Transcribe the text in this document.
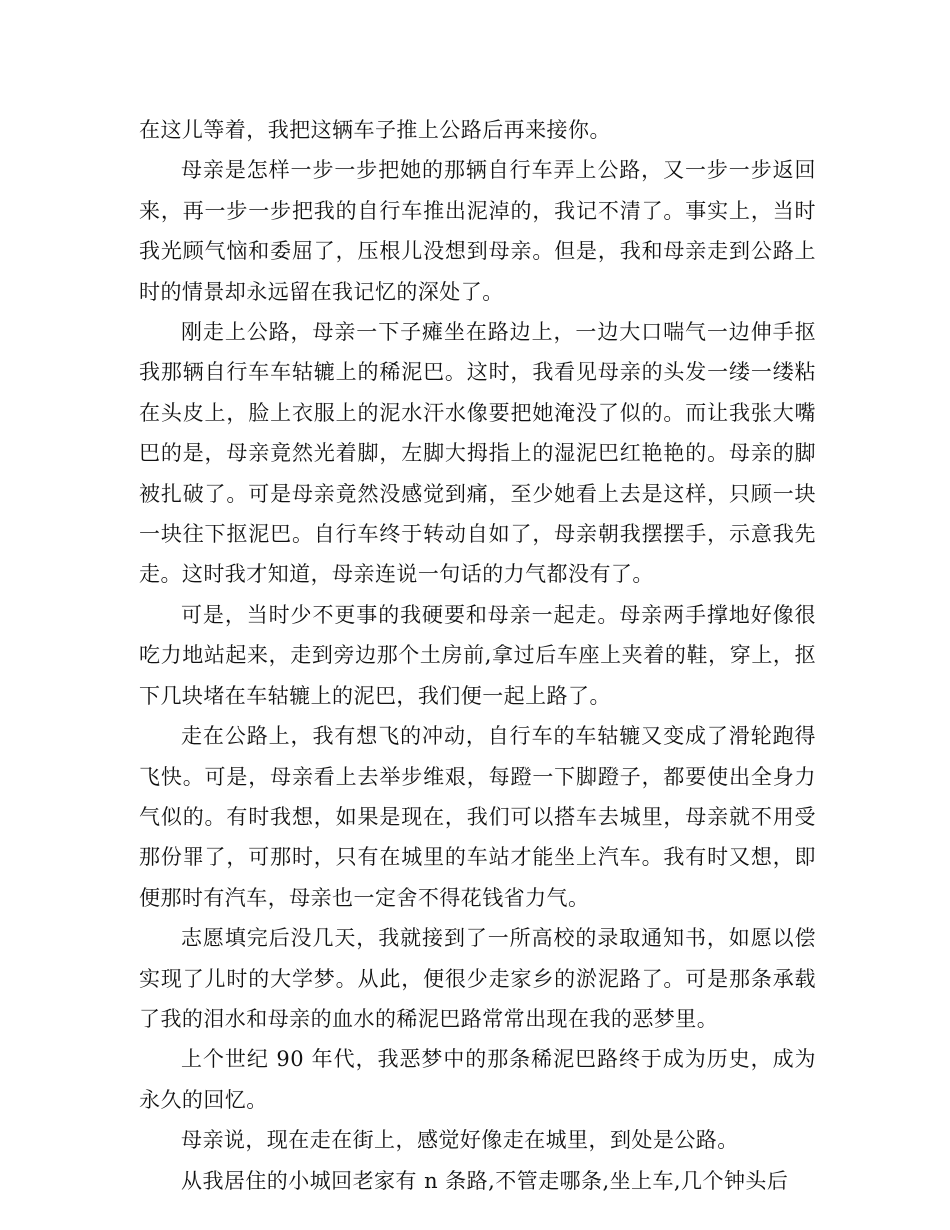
在这儿等着，我把这辆车子推上公路后再来接你。

母亲是怎样一步一步把她的那辆自行车弄上公路，又一步一步返回来，再一步一步把我的自行车推出泥淖的，我记不清了。事实上，当时我光顾气恼和委屈了，压根儿没想到母亲。但是，我和母亲走到公路上时的情景却永远留在我记忆的深处了。

刚走上公路，母亲一下子瘫坐在路边上，一边大口喘气一边伸手抠我那辆自行车车轱辘上的稀泥巴。这时，我看见母亲的头发一缕一缕粘在头皮上，脸上衣服上的泥水汗水像要把她淹没了似的。而让我张大嘴巴的是，母亲竟然光着脚，左脚大拇指上的湿泥巴红艳艳的。母亲的脚被扎破了。可是母亲竟然没感觉到痛，至少她看上去是这样，只顾一块一块往下抠泥巴。自行车终于转动自如了，母亲朝我摆摆手，示意我先走。这时我才知道，母亲连说一句话的力气都没有了。

可是，当时少不更事的我硬要和母亲一起走。母亲两手撑地好像很吃力地站起来，走到旁边那个土房前,拿过后车座上夹着的鞋，穿上，抠下几块堵在车轱辘上的泥巴，我们便一起上路了。

走在公路上，我有想飞的冲动，自行车的车轱辘又变成了滑轮跑得飞快。可是，母亲看上去举步维艰，每蹬一下脚蹬子，都要使出全身力气似的。有时我想，如果是现在，我们可以搭车去城里，母亲就不用受那份罪了，可那时，只有在城里的车站才能坐上汽车。我有时又想，即便那时有汽车，母亲也一定舍不得花钱省力气。

志愿填完后没几天，我就接到了一所高校的录取通知书，如愿以偿实现了儿时的大学梦。从此，便很少走家乡的淤泥路了。可是那条承载了我的泪水和母亲的血水的稀泥巴路常常出现在我的恶梦里。

上个世纪 90 年代，我恶梦中的那条稀泥巴路终于成为历史，成为永久的回忆。

母亲说，现在走在街上，感觉好像走在城里，到处是公路。

从我居住的小城回老家有 n 条路,不管走哪条,坐上车,几个钟头后
